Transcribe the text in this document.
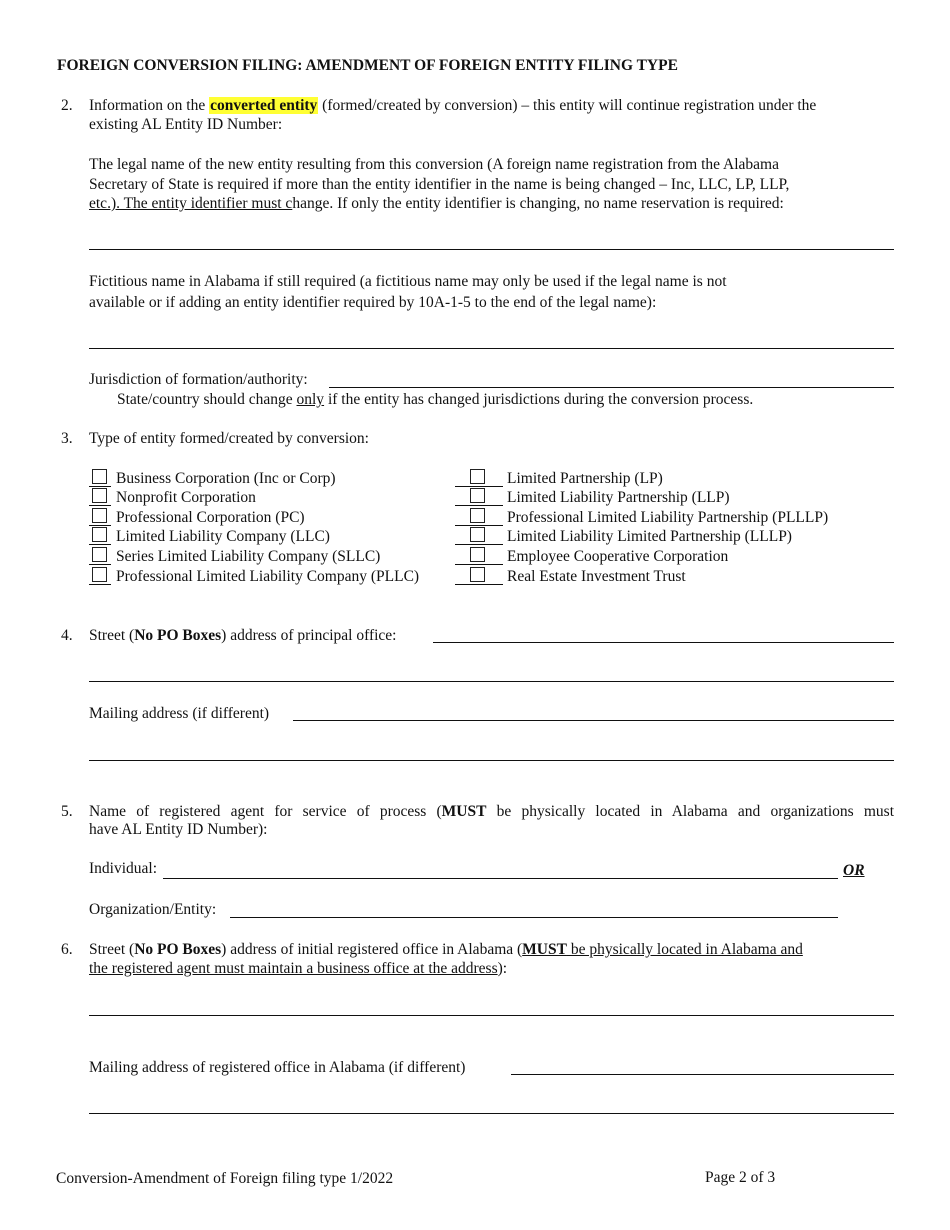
FOREIGN CONVERSION FILING: AMENDMENT OF FOREIGN ENTITY FILING TYPE
2. Information on the converted entity (formed/created by conversion) – this entity will continue registration under the
existing AL Entity ID Number:
The legal name of the new entity resulting from this conversion (A foreign name registration from the Alabama
Secretary of State is required if more than the entity identifier in the name is being changed – Inc, LLC, LP, LLP,
etc.). The entity identifier must change. If only the entity identifier is changing, no name reservation is required:
Fictitious name in Alabama if still required (a fictitious name may only be used if the legal name is not
available or if adding an entity identifier required by 10A-1-5 to the end of the legal name):
Jurisdiction of formation/authority:
State/country should change only if the entity has changed jurisdictions during the conversion process.
3. Type of entity formed/created by conversion:
Business Corporation (Inc or Corp)
Nonprofit Corporation
Professional Corporation (PC)
Limited Liability Company (LLC)
Series Limited Liability Company (SLLC)
Professional Limited Liability Company (PLLC)
Limited Partnership (LP)
Limited Liability Partnership (LLP)
Professional Limited Liability Partnership (PLLLP)
Limited Liability Limited Partnership (LLLP)
Employee Cooperative Corporation
Real Estate Investment Trust
4. Street (No PO Boxes) address of principal office:
Mailing address (if different)
5. Name of registered agent for service of process (MUST be physically located in Alabama and organizations must
have AL Entity ID Number):
Individual:	OR
Organization/Entity:
6. Street (No PO Boxes) address of initial registered office in Alabama (MUST be physically located in Alabama and
the registered agent must maintain a business office at the address):
Mailing address of registered office in Alabama (if different)
Conversion-Amendment of Foreign filing type 1/2022	Page 2 of 3
